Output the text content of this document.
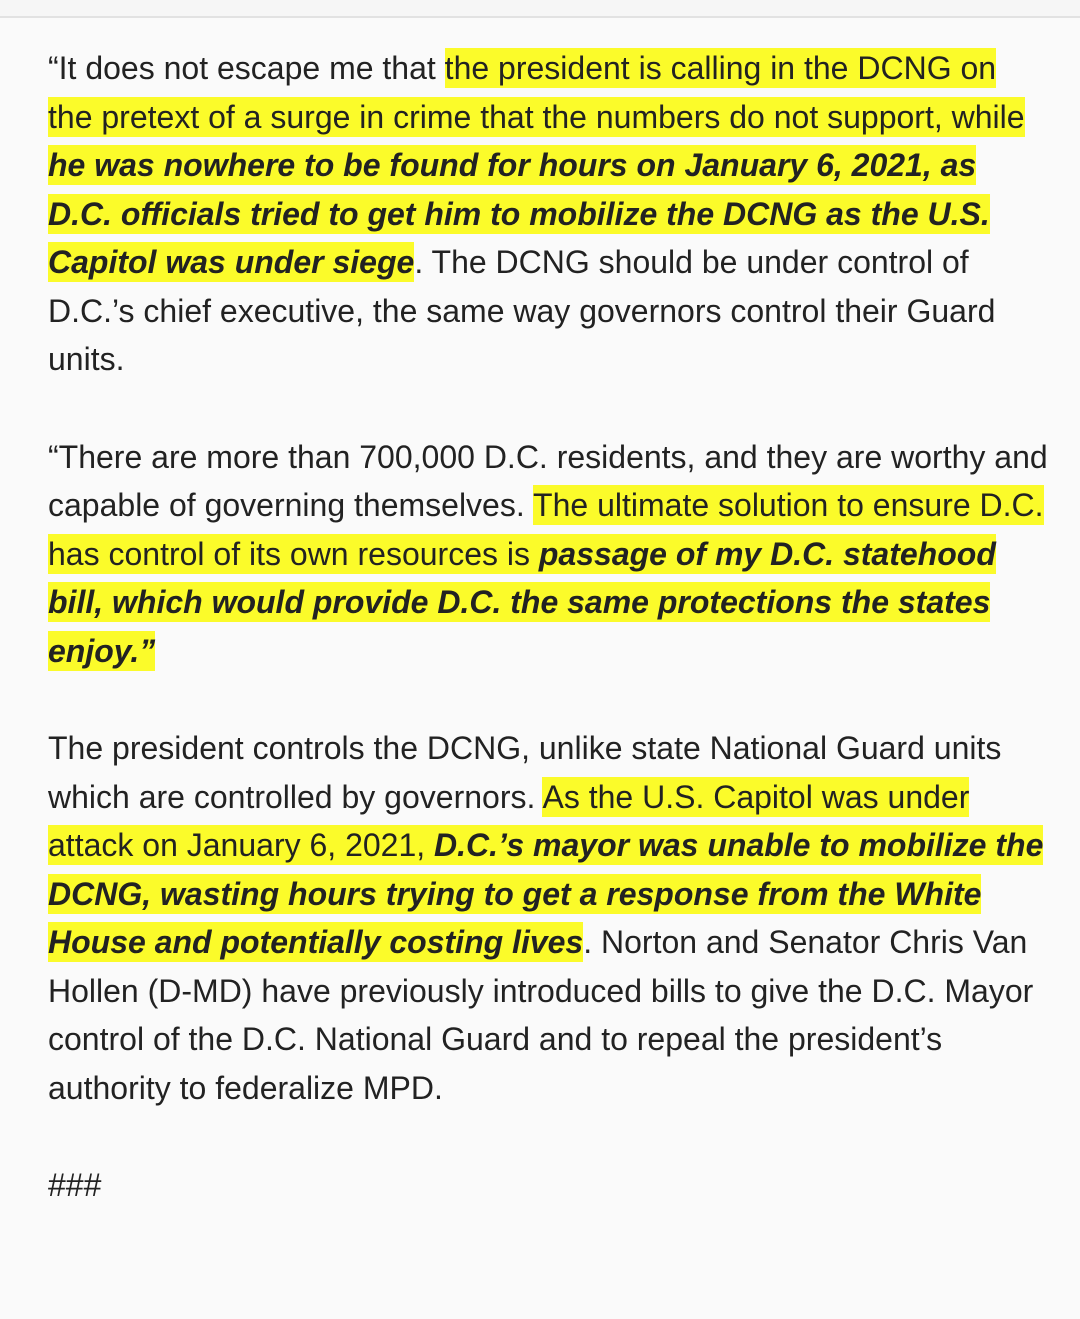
“It does not escape me that the president is calling in the DCNG on the pretext of a surge in crime that the numbers do not support, while he was nowhere to be found for hours on January 6, 2021, as D.C. officials tried to get him to mobilize the DCNG as the U.S. Capitol was under siege. The DCNG should be under control of D.C.’s chief executive, the same way governors control their Guard units.

“There are more than 700,000 D.C. residents, and they are worthy and capable of governing themselves. The ultimate solution to ensure D.C. has control of its own resources is passage of my D.C. statehood bill, which would provide D.C. the same protections the states enjoy.”

The president controls the DCNG, unlike state National Guard units which are controlled by governors. As the U.S. Capitol was under attack on January 6, 2021, D.C.’s mayor was unable to mobilize the DCNG, wasting hours trying to get a response from the White House and potentially costing lives. Norton and Senator Chris Van Hollen (D-MD) have previously introduced bills to give the D.C. Mayor control of the D.C. National Guard and to repeal the president’s authority to federalize MPD.

###
